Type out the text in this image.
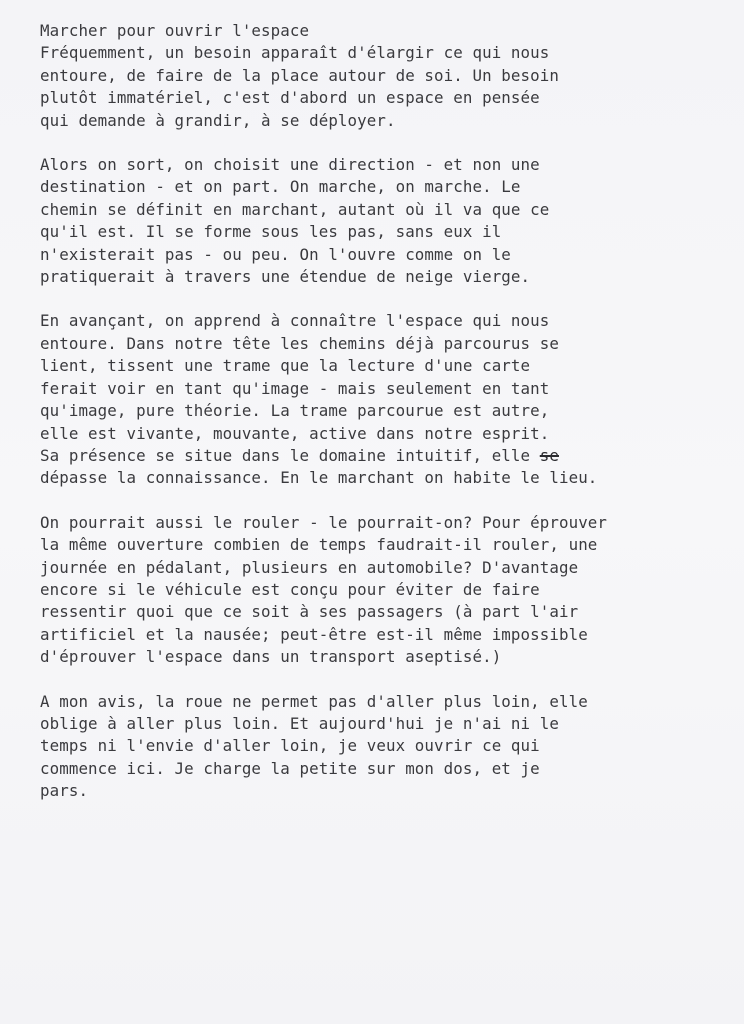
Marcher pour ouvrir l'espace
Fréquemment, un besoin apparaît d'élargir ce qui nous
entoure, de faire de la place autour de soi. Un besoin
plutôt immatériel, c'est d'abord un espace en pensée
qui demande à grandir, à se déployer.
Alors on sort, on choisit une direction - et non une
destination - et on part. On marche, on marche. Le
chemin se définit en marchant, autant où il va que ce
qu'il est. Il se forme sous les pas, sans eux il
n'existerait pas - ou peu. On l'ouvre comme on le
pratiquerait à travers une étendue de neige vierge.
En avançant, on apprend à connaître l'espace qui nous
entoure. Dans notre tête les chemins déjà parcourus se
lient, tissent une trame que la lecture d'une carte
ferait voir en tant qu'image - mais seulement en tant
qu'image, pure théorie. La trame parcourue est autre,
elle est vivante, mouvante, active dans notre esprit.
Sa présence se situe dans le domaine intuitif, elle se
dépasse la connaissance. En le marchant on habite le lieu.
On pourrait aussi le rouler - le pourrait-on? Pour éprouver
la même ouverture combien de temps faudrait-il rouler, une
journée en pédalant, plusieurs en automobile? D'avantage
encore si le véhicule est conçu pour éviter de faire
ressentir quoi que ce soit à ses passagers (à part l'air
artificiel et la nausée; peut-être est-il même impossible
d'éprouver l'espace dans un transport aseptisé.)
A mon avis, la roue ne permet pas d'aller plus loin, elle
oblige à aller plus loin. Et aujourd'hui je n'ai ni le
temps ni l'envie d'aller loin, je veux ouvrir ce qui
commence ici. Je charge la petite sur mon dos, et je
pars.
